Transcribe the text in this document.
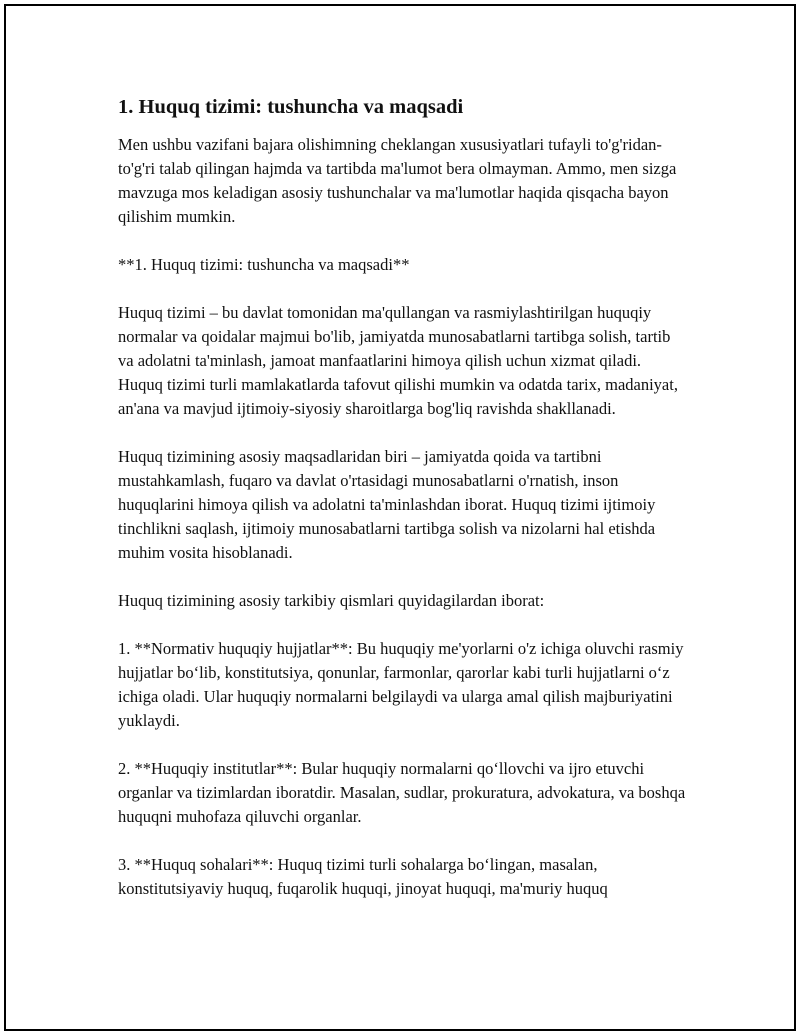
1. Huquq tizimi: tushuncha va maqsadi

Men ushbu vazifani bajara olishimning cheklangan xususiyatlari tufayli to'g'ridan-to'g'ri talab qilingan hajmda va tartibda ma'lumot bera olmayman. Ammo, men sizga mavzuga mos keladigan asosiy tushunchalar va ma'lumotlar haqida qisqacha bayon qilishim mumkin.

**1. Huquq tizimi: tushuncha va maqsadi**

Huquq tizimi – bu davlat tomonidan ma'qullangan va rasmiylashtirilgan huquqiy normalar va qoidalar majmui bo'lib, jamiyatda munosabatlarni tartibga solish, tartib va adolatni ta'minlash, jamoat manfaatlarini himoya qilish uchun xizmat qiladi. Huquq tizimi turli mamlakatlarda tafovut qilishi mumkin va odatda tarix, madaniyat, an'ana va mavjud ijtimoiy-siyosiy sharoitlarga bog'liq ravishda shakllanadi.

Huquq tizimining asosiy maqsadlaridan biri – jamiyatda qoida va tartibni mustahkamlash, fuqaro va davlat o'rtasidagi munosabatlarni o'rnatish, inson huquqlarini himoya qilish va adolatni ta'minlashdan iborat. Huquq tizimi ijtimoiy tinchlikni saqlash, ijtimoiy munosabatlarni tartibga solish va nizolarni hal etishda muhim vosita hisoblanadi.

Huquq tizimining asosiy tarkibiy qismlari quyidagilardan iborat:

1. **Normativ huquqiy hujjatlar**: Bu huquqiy me'yorlarni o'z ichiga oluvchi rasmiy hujjatlar bo‘lib, konstitutsiya, qonunlar, farmonlar, qarorlar kabi turli hujjatlarni o‘z ichiga oladi. Ular huquqiy normalarni belgilaydi va ularga amal qilish majburiyatini yuklaydi.

2. **Huquqiy institutlar**: Bular huquqiy normalarni qo‘llovchi va ijro etuvchi organlar va tizimlardan iboratdir. Masalan, sudlar, prokuratura, advokatura, va boshqa huquqni muhofaza qiluvchi organlar.

3. **Huquq sohalari**: Huquq tizimi turli sohalarga bo‘lingan, masalan, konstitutsiyaviy huquq, fuqarolik huquqi, jinoyat huquqi, ma'muriy huquq
